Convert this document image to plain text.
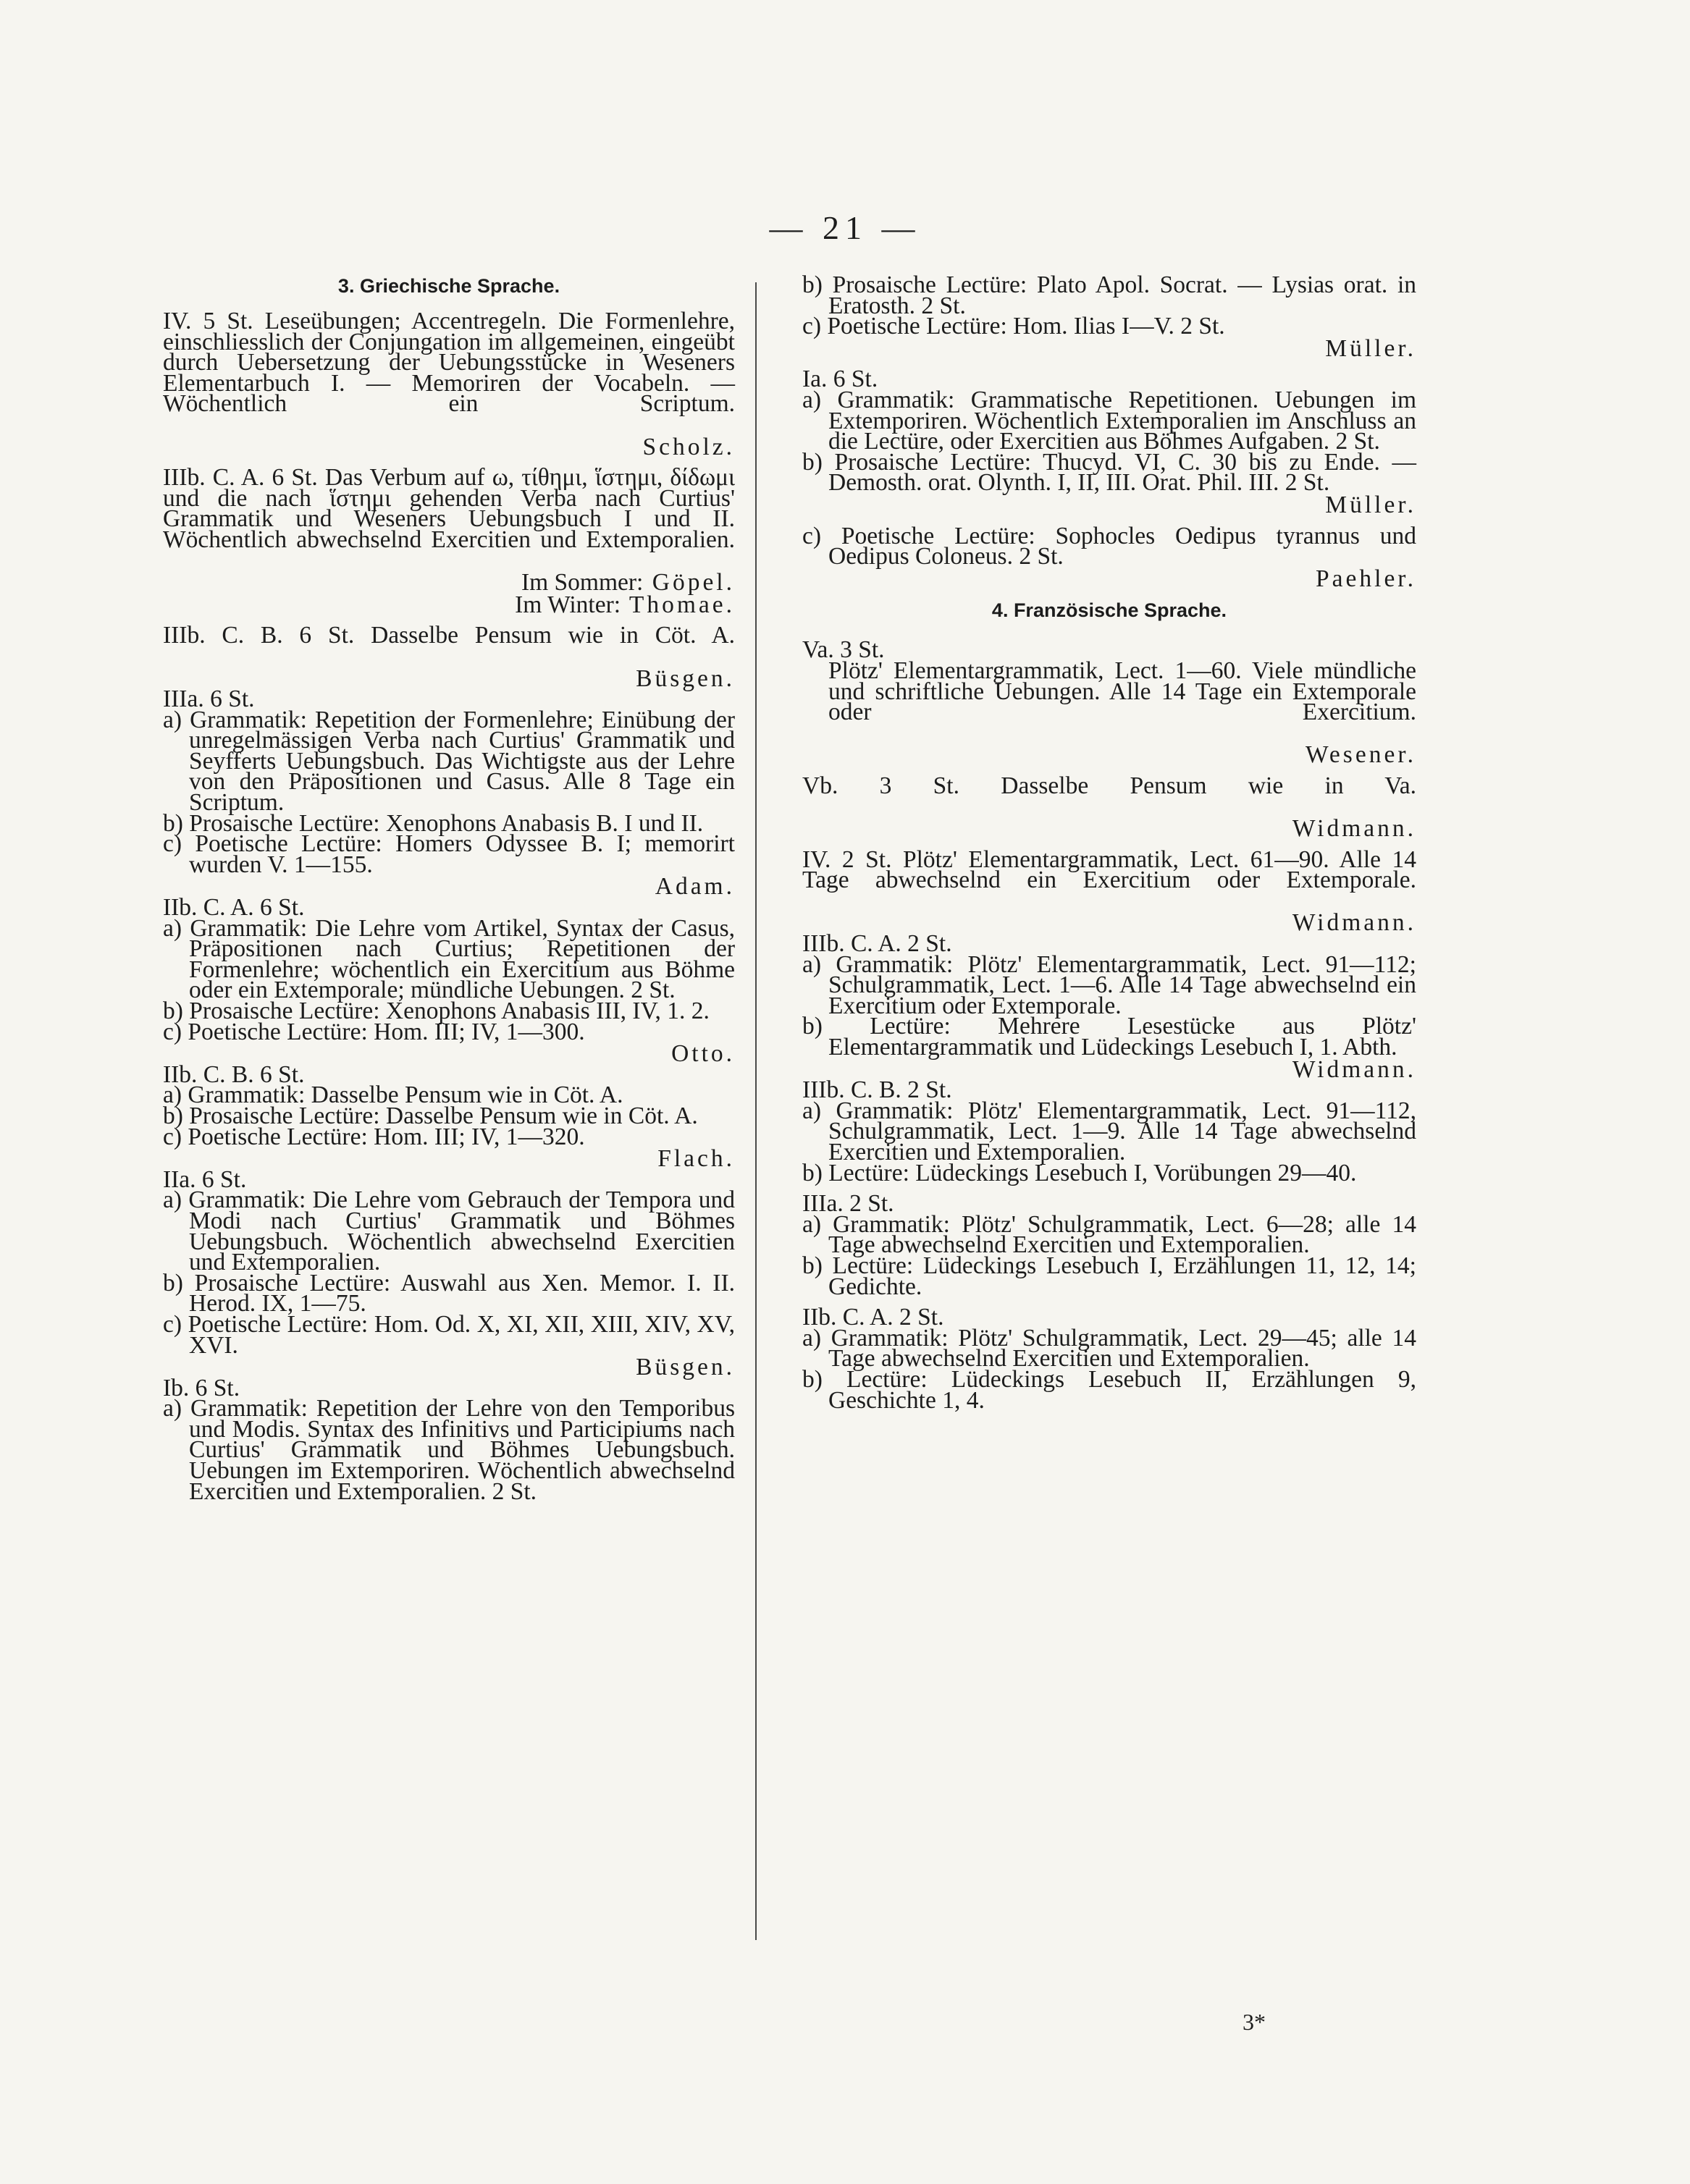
— 21 —
3. Griechische Sprache.
IV. 5 St. Leseübungen; Accentregeln. Die Formenlehre, einschliesslich der Conjungation im allgemeinen, eingeübt durch Uebersetzung der Uebungsstücke in Weseners Elementarbuch I. — Memoriren der Vocabeln. — Wöchentlich ein Scriptum.
Scholz.
IIIb. C. A. 6 St. Das Verbum auf ω, τίθημι, ἵστημι, δίδωμι und die nach ἵστημι gehenden Verba nach Curtius' Grammatik und Weseners Uebungsbuch I und II. Wöchentlich abwechselnd Exercitien und Extemporalien.
Im Sommer: Göpel.
Im Winter: Thomae.
IIIb. C. B. 6 St. Dasselbe Pensum wie in Cöt. A.
Büsgen.
IIIa. 6 St.
a) Grammatik: Repetition der Formenlehre; Einübung der unregelmässigen Verba nach Curtius' Grammatik und Seyfferts Uebungsbuch. Das Wichtigste aus der Lehre von den Präpositionen und Casus. Alle 8 Tage ein Scriptum.
b) Prosaische Lectüre: Xenophons Anabasis B. I und II.
c) Poetische Lectüre: Homers Odyssee B. I; memorirt wurden V. 1—155.
Adam.
IIb. C. A. 6 St.
a) Grammatik: Die Lehre vom Artikel, Syntax der Casus, Präpositionen nach Curtius; Repetitionen der Formenlehre; wöchentlich ein Exercitium aus Böhme oder ein Extemporale; mündliche Uebungen. 2 St.
b) Prosaische Lectüre: Xenophons Anabasis III, IV, 1. 2.
c) Poetische Lectüre: Hom. III; IV, 1—300.
Otto.
IIb. C. B. 6 St.
a) Grammatik: Dasselbe Pensum wie in Cöt. A.
b) Prosaische Lectüre: Dasselbe Pensum wie in Cöt. A.
c) Poetische Lectüre: Hom. III; IV, 1—320.
Flach.
IIa. 6 St.
a) Grammatik: Die Lehre vom Gebrauch der Tempora und Modi nach Curtius' Grammatik und Böhmes Uebungsbuch. Wöchentlich abwechselnd Exercitien und Extemporalien.
b) Prosaische Lectüre: Auswahl aus Xen. Memor. I. II. Herod. IX, 1—75.
c) Poetische Lectüre: Hom. Od. X, XI, XII, XIII, XIV, XV, XVI.
Büsgen.
Ib. 6 St.
a) Grammatik: Repetition der Lehre von den Temporibus und Modis. Syntax des Infinitivs und Participiums nach Curtius' Grammatik und Böhmes Uebungsbuch. Uebungen im Extemporiren. Wöchentlich abwechselnd Exercitien und Extemporalien. 2 St.
b) Prosaische Lectüre: Plato Apol. Socrat. — Lysias orat. in Eratosth. 2 St.
c) Poetische Lectüre: Hom. Ilias I—V. 2 St.
Müller.
Ia. 6 St.
a) Grammatik: Grammatische Repetitionen. Uebungen im Extemporiren. Wöchentlich Extemporalien im Anschluss an die Lectüre, oder Exercitien aus Böhmes Aufgaben. 2 St.
b) Prosaische Lectüre: Thucyd. VI, C. 30 bis zu Ende. — Demosth. orat. Olynth. I, II, III. Orat. Phil. III. 2 St.
Müller.
c) Poetische Lectüre: Sophocles Oedipus tyrannus und Oedipus Coloneus. 2 St.
Paehler.
4. Französische Sprache.
Va. 3 St.
Plötz' Elementargrammatik, Lect. 1—60. Viele mündliche und schriftliche Uebungen. Alle 14 Tage ein Extemporale oder Exercitium.
Wesener.
Vb. 3 St. Dasselbe Pensum wie in Va.
Widmann.
IV. 2 St. Plötz' Elementargrammatik, Lect. 61—90. Alle 14 Tage abwechselnd ein Exercitium oder Extemporale.
Widmann.
IIIb. C. A. 2 St.
a) Grammatik: Plötz' Elementargrammatik, Lect. 91—112; Schulgrammatik, Lect. 1—6. Alle 14 Tage abwechselnd ein Exercitium oder Extemporale.
b) Lectüre: Mehrere Lesestücke aus Plötz' Elementargrammatik und Lüdeckings Lesebuch I, 1. Abth.
Widmann.
IIIb. C. B. 2 St.
a) Grammatik: Plötz' Elementargrammatik, Lect. 91—112, Schulgrammatik, Lect. 1—9. Alle 14 Tage abwechselnd Exercitien und Extemporalien.
b) Lectüre: Lüdeckings Lesebuch I, Vorübungen 29—40.
IIIa. 2 St.
a) Grammatik: Plötz' Schulgrammatik, Lect. 6—28; alle 14 Tage abwechselnd Exercitien und Extemporalien.
b) Lectüre: Lüdeckings Lesebuch I, Erzählungen 11, 12, 14; Gedichte.
IIb. C. A. 2 St.
a) Grammatik: Plötz' Schulgrammatik, Lect. 29—45; alle 14 Tage abwechselnd Exercitien und Extemporalien.
b) Lectüre: Lüdeckings Lesebuch II, Erzählungen 9, Geschichte 1, 4.
3*
